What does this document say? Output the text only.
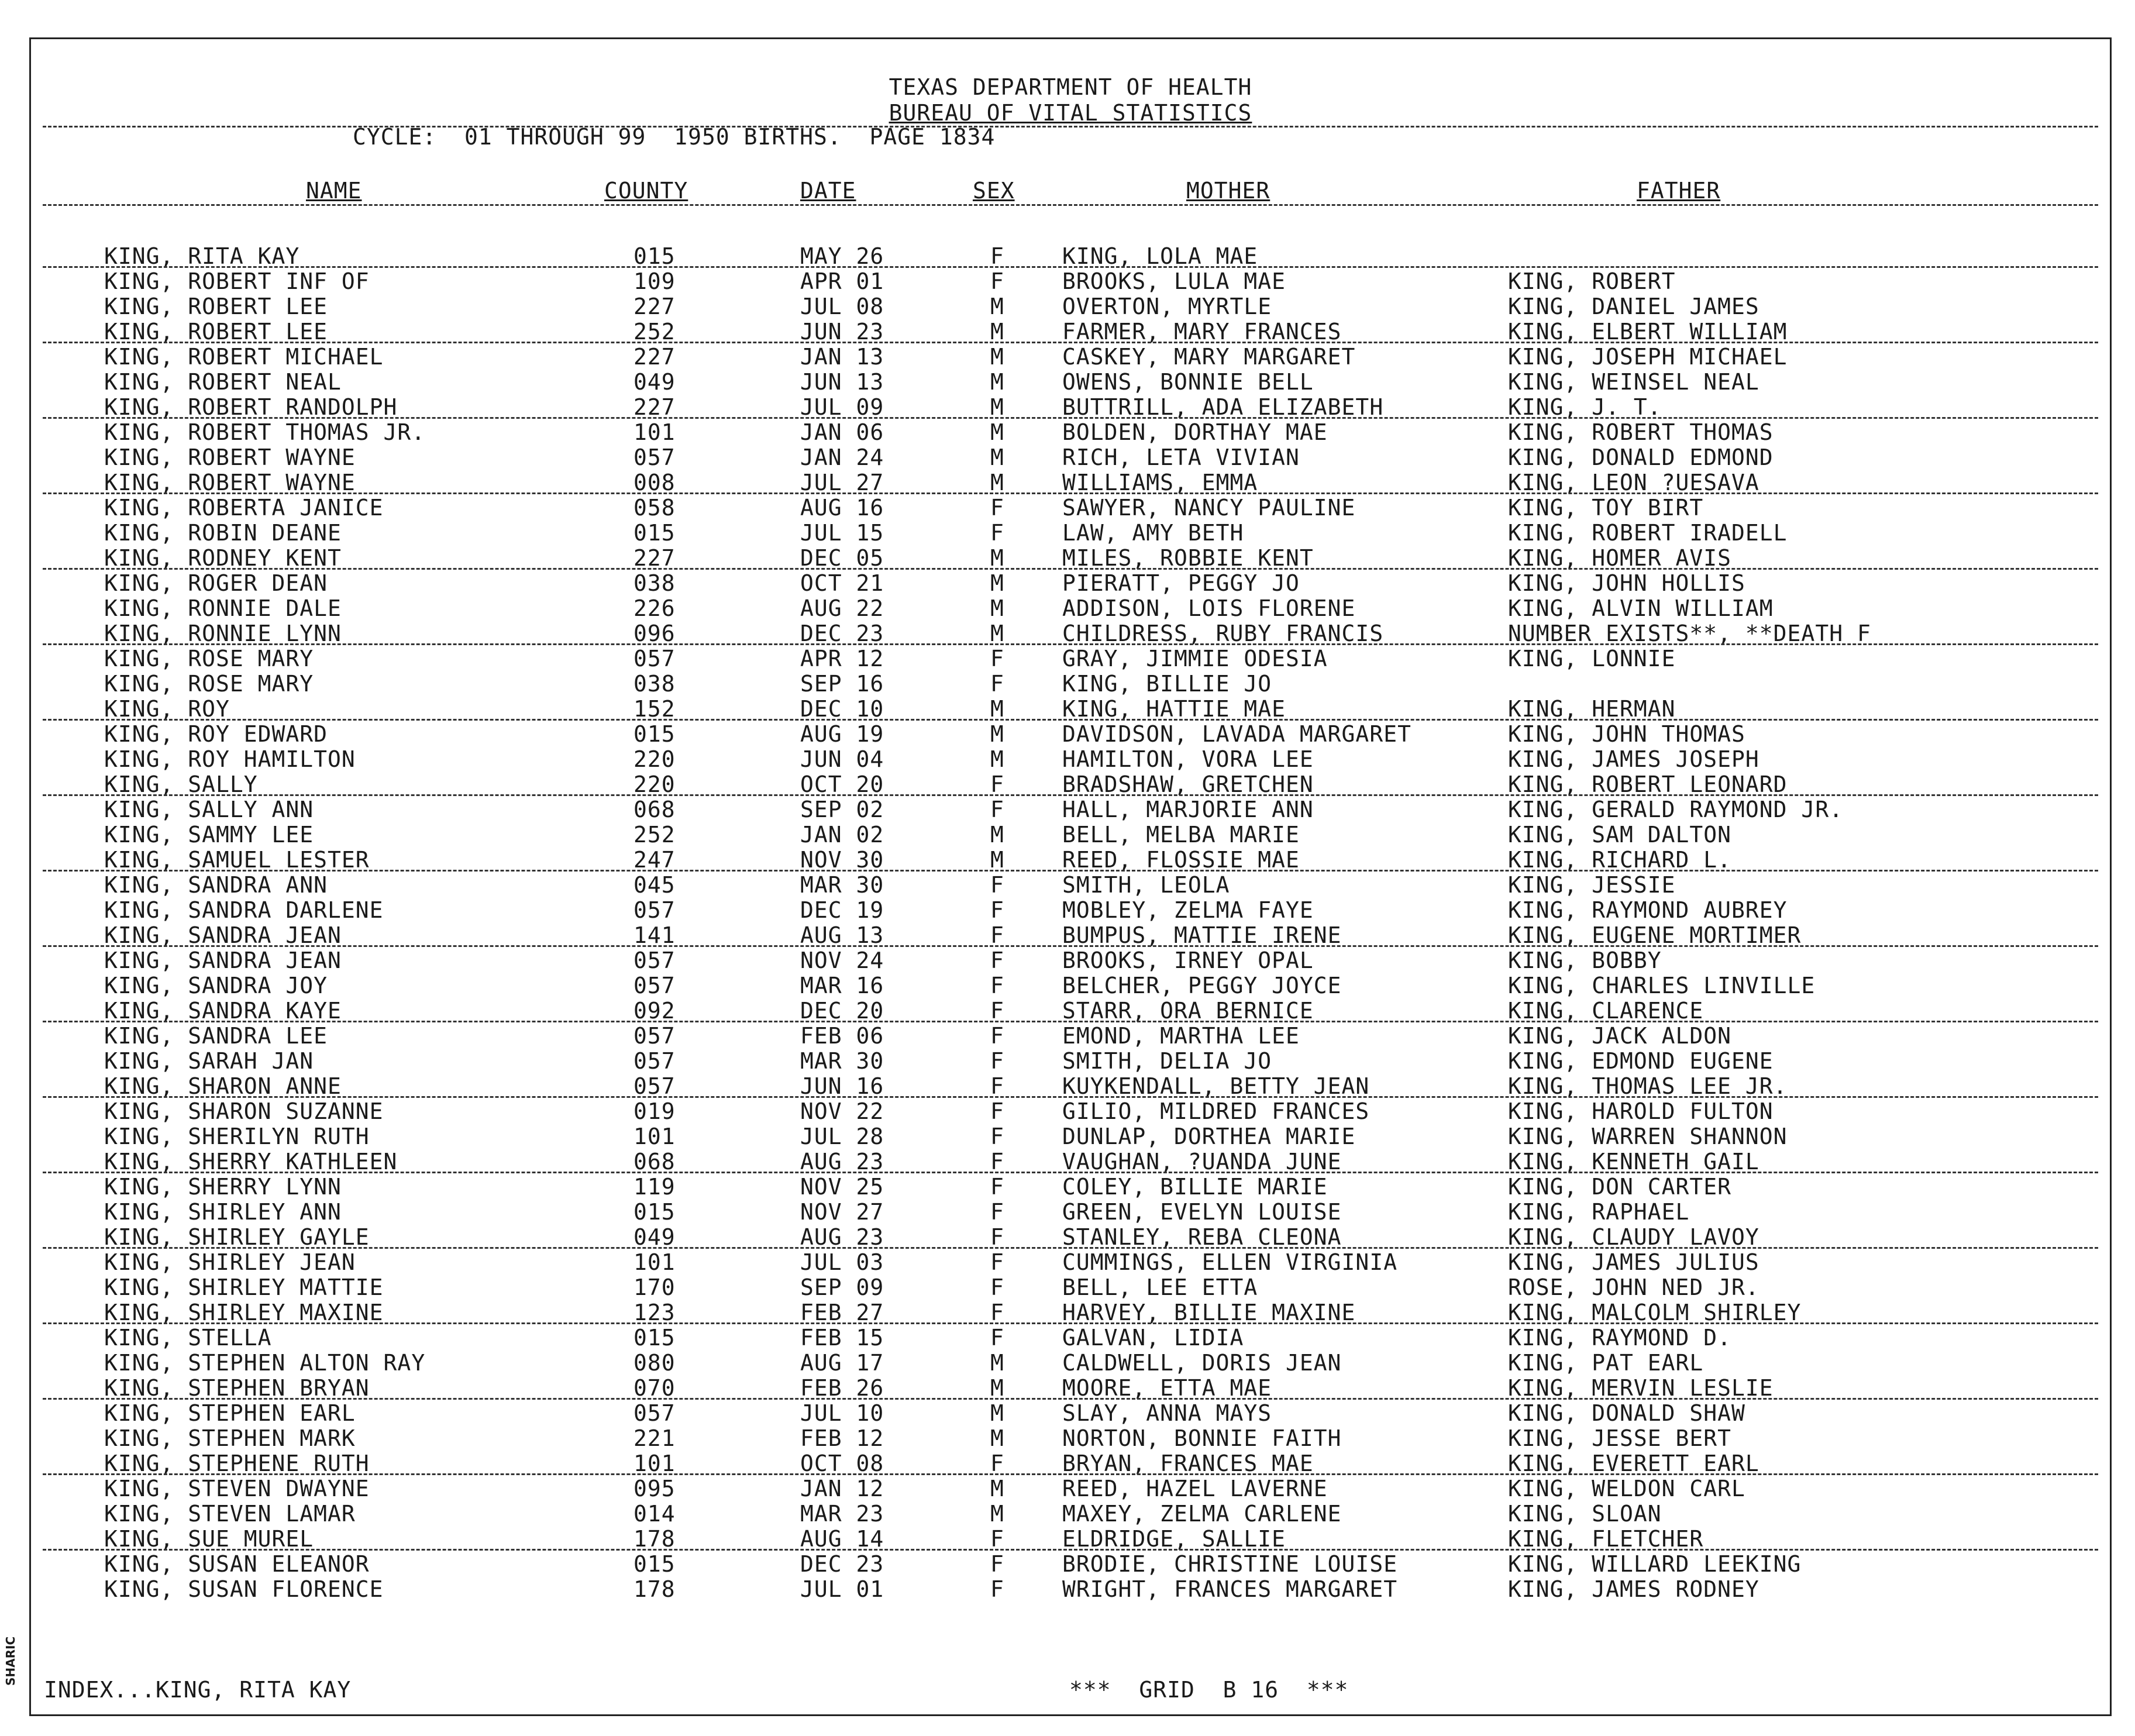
TEXAS DEPARTMENT OF HEALTH
BUREAU OF VITAL STATISTICS
CYCLE:  01 THROUGH 99  1950 BIRTHS.  PAGE 1834
NAME	COUNTY	DATE	SEX	MOTHER	FATHER
KING, RITA KAY	015	MAY 26	F	KING, LOLA MAE
KING, ROBERT INF OF	109	APR 01	F	BROOKS, LULA MAE	KING, ROBERT
KING, ROBERT LEE	227	JUL 08	M	OVERTON, MYRTLE	KING, DANIEL JAMES
KING, ROBERT LEE	252	JUN 23	M	FARMER, MARY FRANCES	KING, ELBERT WILLIAM
KING, ROBERT MICHAEL	227	JAN 13	M	CASKEY, MARY MARGARET	KING, JOSEPH MICHAEL
KING, ROBERT NEAL	049	JUN 13	M	OWENS, BONNIE BELL	KING, WEINSEL NEAL
KING, ROBERT RANDOLPH	227	JUL 09	M	BUTTRILL, ADA ELIZABETH	KING, J. T.
KING, ROBERT THOMAS JR.	101	JAN 06	M	BOLDEN, DORTHAY MAE	KING, ROBERT THOMAS
KING, ROBERT WAYNE	057	JAN 24	M	RICH, LETA VIVIAN	KING, DONALD EDMOND
KING, ROBERT WAYNE	008	JUL 27	M	WILLIAMS, EMMA	KING, LEON ?UESAVA
KING, ROBERTA JANICE	058	AUG 16	F	SAWYER, NANCY PAULINE	KING, TOY BIRT
KING, ROBIN DEANE	015	JUL 15	F	LAW, AMY BETH	KING, ROBERT IRADELL
KING, RODNEY KENT	227	DEC 05	M	MILES, ROBBIE KENT	KING, HOMER AVIS
KING, ROGER DEAN	038	OCT 21	M	PIERATT, PEGGY JO	KING, JOHN HOLLIS
KING, RONNIE DALE	226	AUG 22	M	ADDISON, LOIS FLORENE	KING, ALVIN WILLIAM
KING, RONNIE LYNN	096	DEC 23	M	CHILDRESS, RUBY FRANCIS	NUMBER EXISTS**, **DEATH F
KING, ROSE MARY	057	APR 12	F	GRAY, JIMMIE ODESIA	KING, LONNIE
KING, ROSE MARY	038	SEP 16	F	KING, BILLIE JO
KING, ROY	152	DEC 10	M	KING, HATTIE MAE	KING, HERMAN
KING, ROY EDWARD	015	AUG 19	M	DAVIDSON, LAVADA MARGARET	KING, JOHN THOMAS
KING, ROY HAMILTON	220	JUN 04	M	HAMILTON, VORA LEE	KING, JAMES JOSEPH
KING, SALLY	220	OCT 20	F	BRADSHAW, GRETCHEN	KING, ROBERT LEONARD
KING, SALLY ANN	068	SEP 02	F	HALL, MARJORIE ANN	KING, GERALD RAYMOND JR.
KING, SAMMY LEE	252	JAN 02	M	BELL, MELBA MARIE	KING, SAM DALTON
KING, SAMUEL LESTER	247	NOV 30	M	REED, FLOSSIE MAE	KING, RICHARD L.
KING, SANDRA ANN	045	MAR 30	F	SMITH, LEOLA	KING, JESSIE
KING, SANDRA DARLENE	057	DEC 19	F	MOBLEY, ZELMA FAYE	KING, RAYMOND AUBREY
KING, SANDRA JEAN	141	AUG 13	F	BUMPUS, MATTIE IRENE	KING, EUGENE MORTIMER
KING, SANDRA JEAN	057	NOV 24	F	BROOKS, IRNEY OPAL	KING, BOBBY
KING, SANDRA JOY	057	MAR 16	F	BELCHER, PEGGY JOYCE	KING, CHARLES LINVILLE
KING, SANDRA KAYE	092	DEC 20	F	STARR, ORA BERNICE	KING, CLARENCE
KING, SANDRA LEE	057	FEB 06	F	EMOND, MARTHA LEE	KING, JACK ALDON
KING, SARAH JAN	057	MAR 30	F	SMITH, DELIA JO	KING, EDMOND EUGENE
KING, SHARON ANNE	057	JUN 16	F	KUYKENDALL, BETTY JEAN	KING, THOMAS LEE JR.
KING, SHARON SUZANNE	019	NOV 22	F	GILIO, MILDRED FRANCES	KING, HAROLD FULTON
KING, SHERILYN RUTH	101	JUL 28	F	DUNLAP, DORTHEA MARIE	KING, WARREN SHANNON
KING, SHERRY KATHLEEN	068	AUG 23	F	VAUGHAN, ?UANDA JUNE	KING, KENNETH GAIL
KING, SHERRY LYNN	119	NOV 25	F	COLEY, BILLIE MARIE	KING, DON CARTER
KING, SHIRLEY ANN	015	NOV 27	F	GREEN, EVELYN LOUISE	KING, RAPHAEL
KING, SHIRLEY GAYLE	049	AUG 23	F	STANLEY, REBA CLEONA	KING, CLAUDY LAVOY
KING, SHIRLEY JEAN	101	JUL 03	F	CUMMINGS, ELLEN VIRGINIA	KING, JAMES JULIUS
KING, SHIRLEY MATTIE	170	SEP 09	F	BELL, LEE ETTA	ROSE, JOHN NED JR.
KING, SHIRLEY MAXINE	123	FEB 27	F	HARVEY, BILLIE MAXINE	KING, MALCOLM SHIRLEY
KING, STELLA	015	FEB 15	F	GALVAN, LIDIA	KING, RAYMOND D.
KING, STEPHEN ALTON RAY	080	AUG 17	M	CALDWELL, DORIS JEAN	KING, PAT EARL
KING, STEPHEN BRYAN	070	FEB 26	M	MOORE, ETTA MAE	KING, MERVIN LESLIE
KING, STEPHEN EARL	057	JUL 10	M	SLAY, ANNA MAYS	KING, DONALD SHAW
KING, STEPHEN MARK	221	FEB 12	M	NORTON, BONNIE FAITH	KING, JESSE BERT
KING, STEPHENE RUTH	101	OCT 08	F	BRYAN, FRANCES MAE	KING, EVERETT EARL
KING, STEVEN DWAYNE	095	JAN 12	M	REED, HAZEL LAVERNE	KING, WELDON CARL
KING, STEVEN LAMAR	014	MAR 23	M	MAXEY, ZELMA CARLENE	KING, SLOAN
KING, SUE MUREL	178	AUG 14	F	ELDRIDGE, SALLIE	KING, FLETCHER
KING, SUSAN ELEANOR	015	DEC 23	F	BRODIE, CHRISTINE LOUISE	KING, WILLARD LEEKING
KING, SUSAN FLORENCE	178	JUL 01	F	WRIGHT, FRANCES MARGARET	KING, JAMES RODNEY
INDEX...KING, RITA KAY	***  GRID  B 16  ***
SHARIC
